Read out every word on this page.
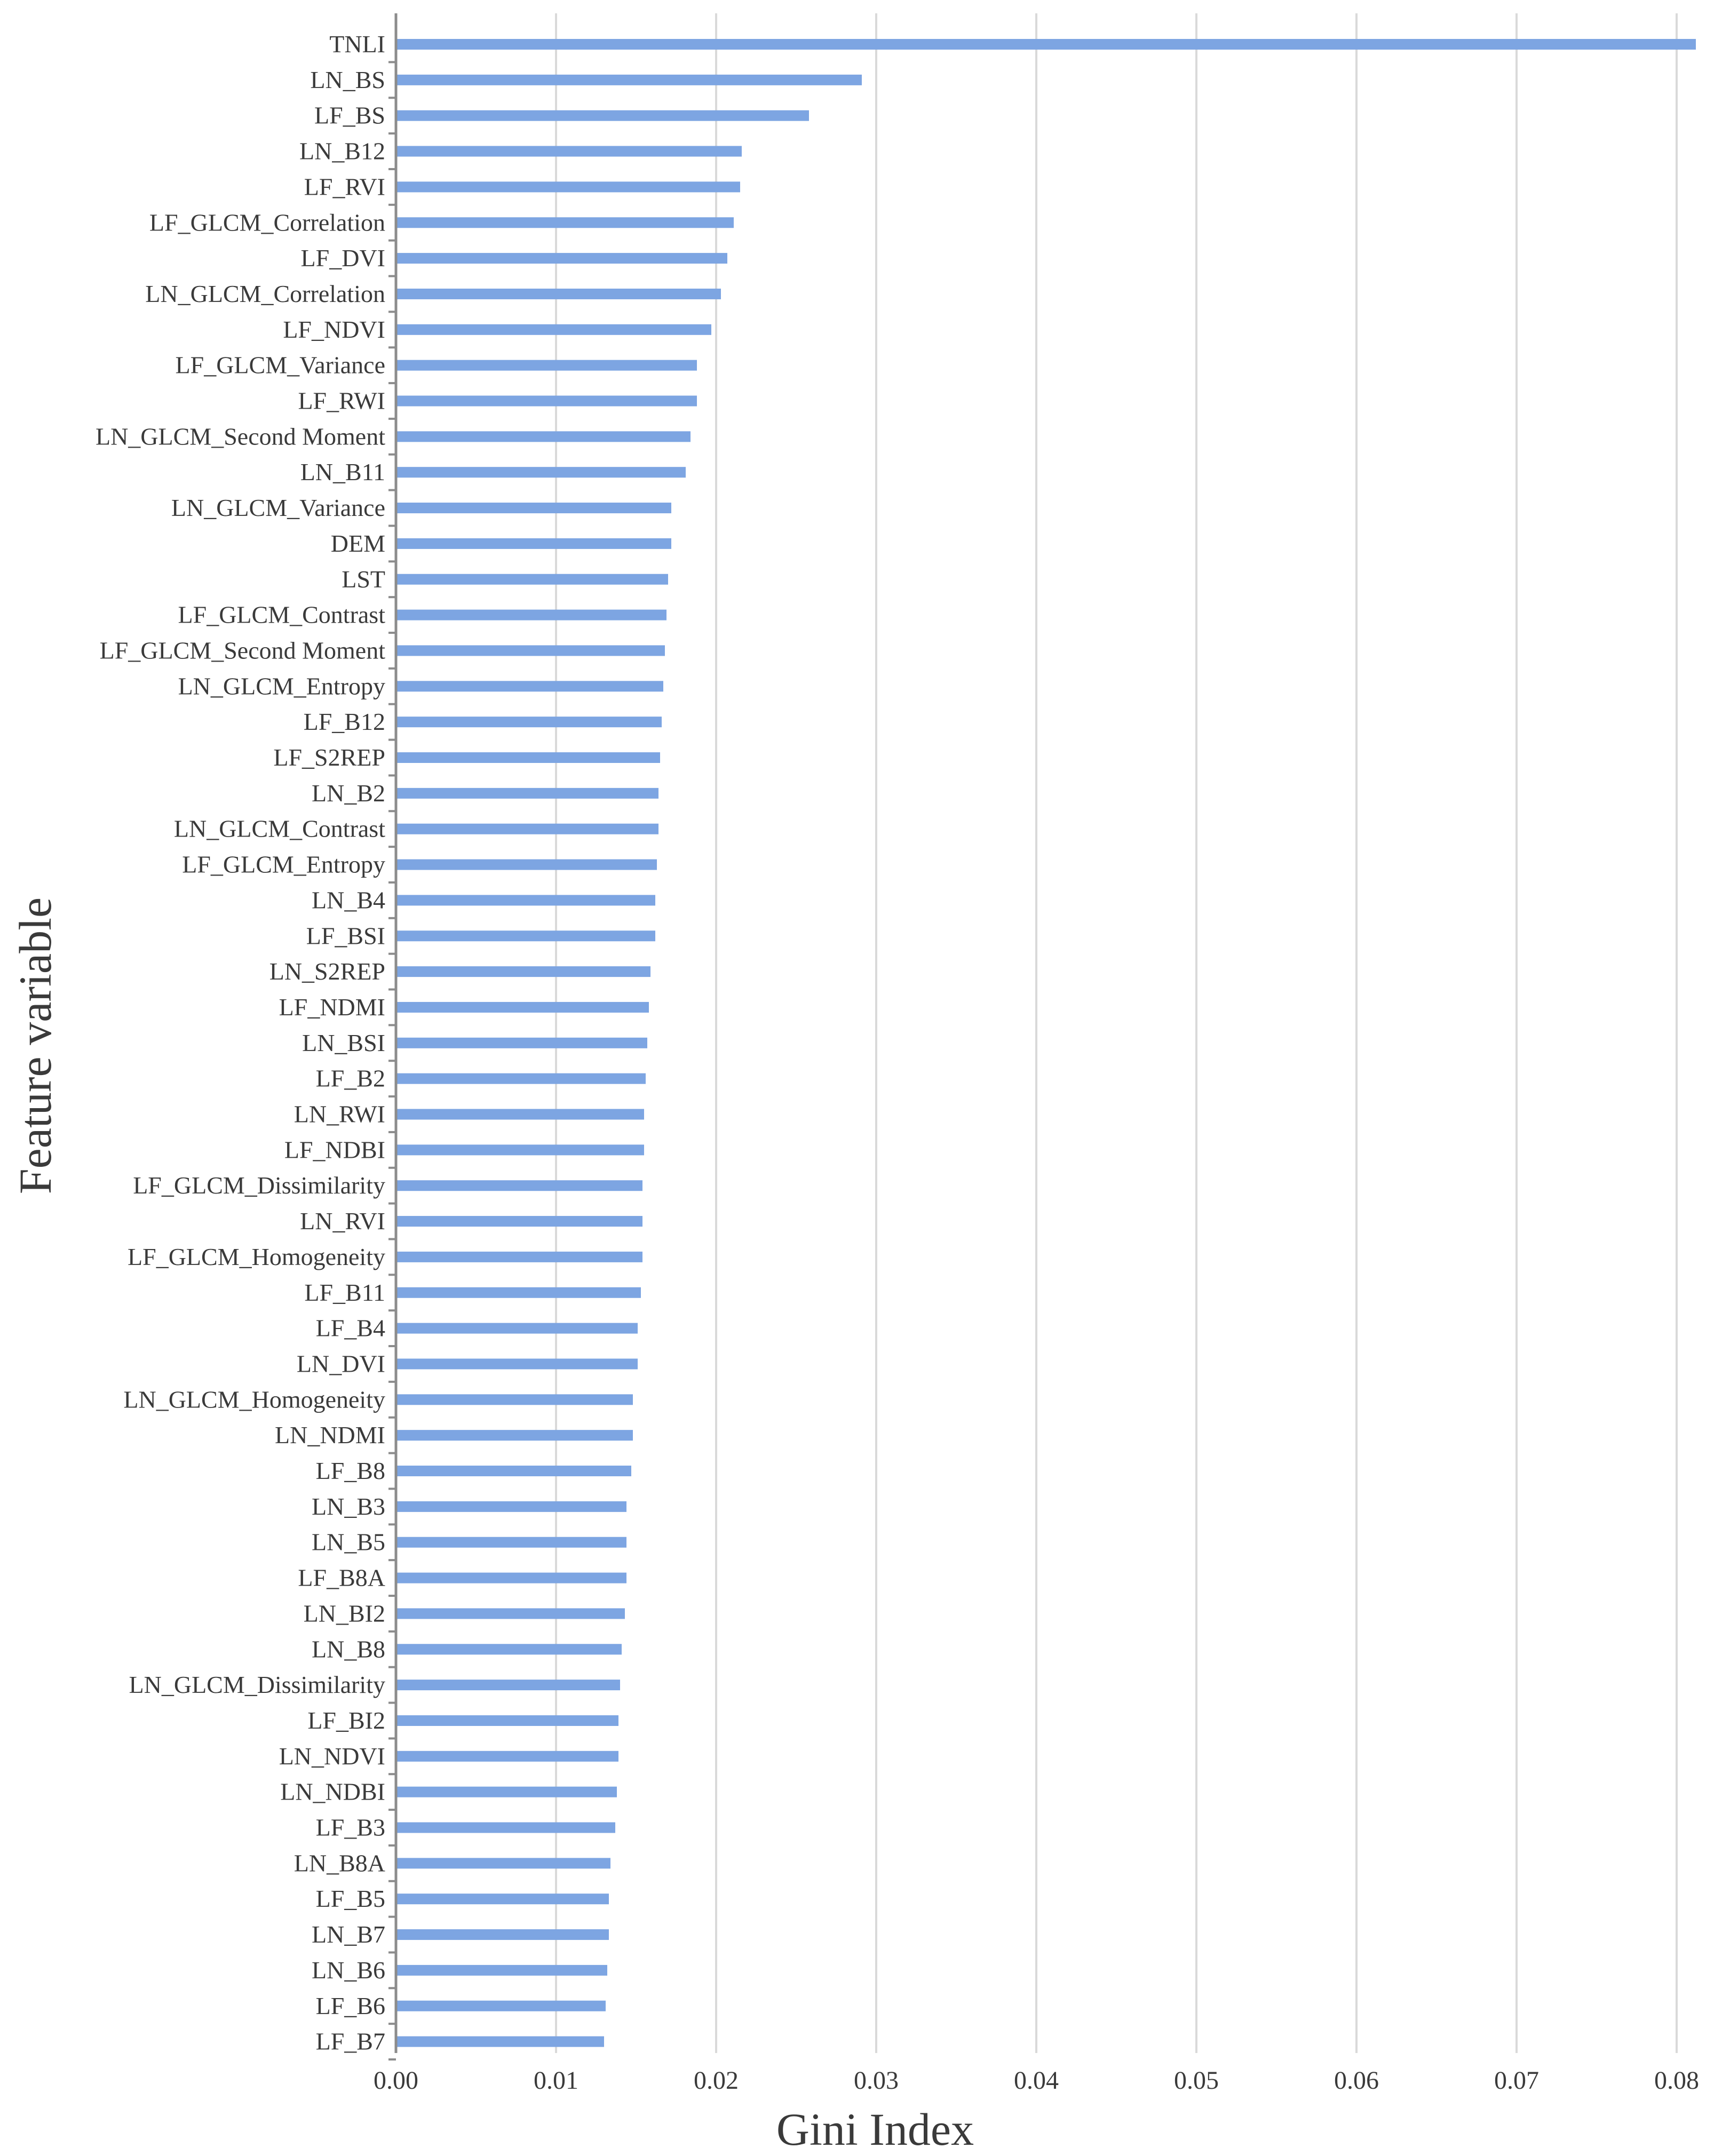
TNLI
LN_BS
LF_BS
LN_B12
LF_RVI
LF_GLCM_Correlation
LF_DVI
LN_GLCM_Correlation
LF_NDVI
LF_GLCM_Variance
LF_RWI
LN_GLCM_Second Moment
LN_B11
LN_GLCM_Variance
DEM
LST
LF_GLCM_Contrast
LF_GLCM_Second Moment
LN_GLCM_Entropy
LF_B12
LF_S2REP
LN_B2
LN_GLCM_Contrast
LF_GLCM_Entropy
LN_B4
LF_BSI
LN_S2REP
LF_NDMI
LN_BSI
LF_B2
LN_RWI
LF_NDBI
LF_GLCM_Dissimilarity
LN_RVI
LF_GLCM_Homogeneity
LF_B11
LF_B4
LN_DVI
LN_GLCM_Homogeneity
LN_NDMI
LF_B8
LN_B3
LN_B5
LF_B8A
LN_BI2
LN_B8
LN_GLCM_Dissimilarity
LF_BI2
LN_NDVI
LN_NDBI
LF_B3
LN_B8A
LF_B5
LN_B7
LN_B6
LF_B6
LF_B7
0.00	0.01	0.02	0.03	0.04	0.05	0.06	0.07	0.08
Gini Index
Feature variable
